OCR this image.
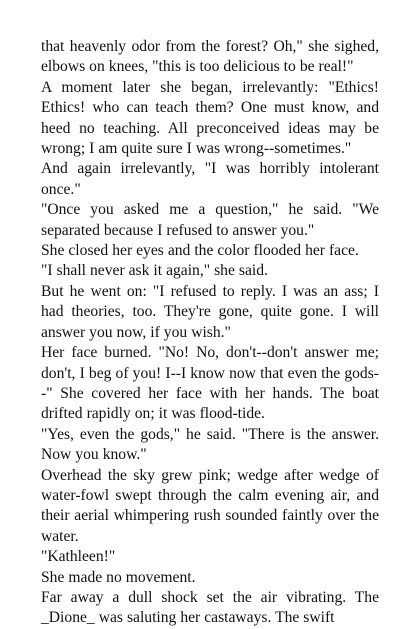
that heavenly odor from the forest? Oh," she sighed, elbows on knees, "this is too delicious to be real!"

A moment later she began, irrelevantly: "Ethics! Ethics! who can teach them? One must know, and heed no teaching. All preconceived ideas may be wrong; I am quite sure I was wrong--sometimes."

And again irrelevantly, "I was horribly intolerant once."

"Once you asked me a question," he said. "We separated because I refused to answer you."

She closed her eyes and the color flooded her face.

"I shall never ask it again," she said.

But he went on: "I refused to reply. I was an ass; I had theories, too. They're gone, quite gone. I will answer you now, if you wish."

Her face burned. "No! No, don't--don't answer me; don't, I beg of you! I--I know now that even the gods--" She covered her face with her hands. The boat drifted rapidly on; it was flood-tide.

"Yes, even the gods," he said. "There is the answer. Now you know."

Overhead the sky grew pink; wedge after wedge of water-fowl swept through the calm evening air, and their aerial whimpering rush sounded faintly over the water.

"Kathleen!"

She made no movement.

Far away a dull shock set the air vibrating. The _Dione_ was saluting her castaways. The swift
